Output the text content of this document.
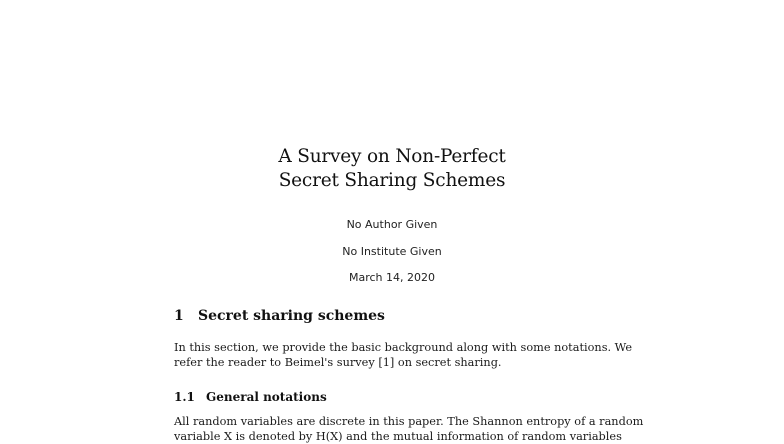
A Survey on Non-Perfect
Secret Sharing Schemes
No Author Given
No Institute Given
March 14, 2020
1 Secret sharing schemes
In this section, we provide the basic background along with some notations. We
refer the reader to Beimel's survey [1] on secret sharing.
1.1 General notations
All random variables are discrete in this paper. The Shannon entropy of a random
variable X is denoted by H(X) and the mutual information of random variables
